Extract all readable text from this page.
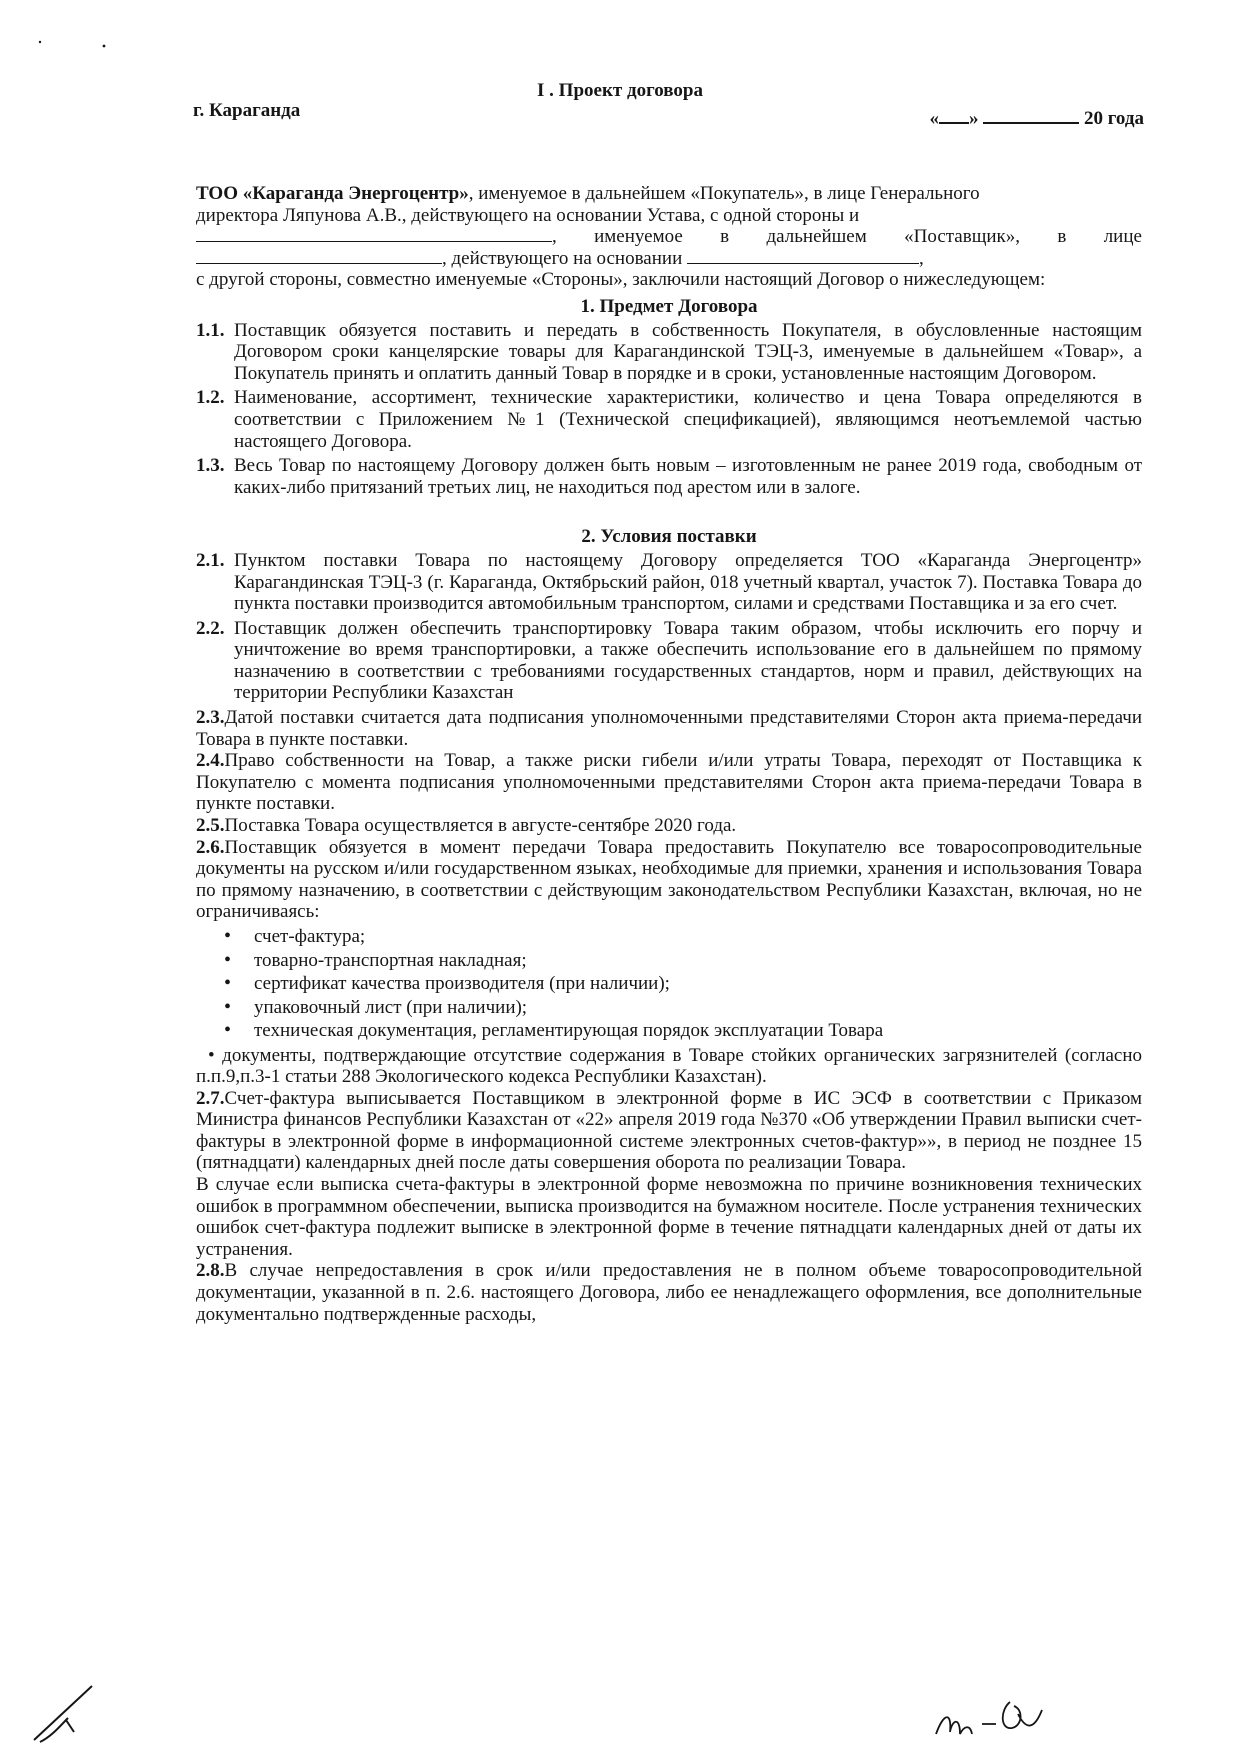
I . Проект договора
г. Караганда	« »	20 года

ТОО «Караганда Энергоцентр», именуемое в дальнейшем «Покупатель», в лице Генерального

директора Ляпунова А.В., действующего на основании Устава, с одной стороны и

, именуемое в дальнейшем «Поставщик», в лице

, действующего на основании	,

с другой стороны, совместно именуемые «Стороны», заключили настоящий Договор о нижеследующем:

1. Предмет Договора
1.1. Поставщик обязуется поставить и передать в собственность Покупателя, в обусловленные настоящим Договором сроки канцелярские товары для Карагандинской ТЭЦ-3, именуемые в дальнейшем «Товар», а Покупатель принять и оплатить данный Товар в порядке и в сроки, установленные настоящим Договором.
1.2. Наименование, ассортимент, технические характеристики, количество и цена Товара определяются в соответствии с Приложением №1 (Технической спецификацией), являющимся неотъемлемой частью настоящего Договора.
1.3. Весь Товар по настоящему Договору должен быть новым – изготовленным не ранее 2019 года, свободным от каких-либо притязаний третьих лиц, не находиться под арестом или в залоге.
2. Условия поставки
2.1. Пунктом поставки Товара по настоящему Договору определяется ТОО «Караганда Энергоцентр» Карагандинская ТЭЦ-3 (г. Караганда, Октябрьский район, 018 учетный квартал, участок 7). Поставка Товара до пункта поставки производится автомобильным транспортом, силами и средствами Поставщика и за его счет.
2.2. Поставщик должен обеспечить транспортировку Товара таким образом, чтобы исключить его порчу и уничтожение во время транспортировки, а также обеспечить использование его в дальнейшем по прямому назначению в соответствии с требованиями государственных стандартов, норм и правил, действующих на территории Республики Казахстан

2.3.Датой поставки считается дата подписания уполномоченными представителями Сторон акта приема-передачи Товара в пункте поставки.

2.4.Право собственности на Товар, а также риски гибели и/или утраты Товара, переходят от Поставщика к Покупателю с момента подписания уполномоченными представителями Сторон акта приема-передачи Товара в пункте поставки.

2.5.Поставка Товара осуществляется в августе-сентябре 2020 года.

2.6.Поставщик обязуется в момент передачи Товара предоставить Покупателю все товаросопроводительные документы на русском и/или государственном языках, необходимые для приемки, хранения и использования Товара по прямому назначению, в соответствии с действующим законодательством Республики Казахстан, включая, но не ограничиваясь:

• счет-фактура;
• товарно-транспортная накладная;
• сертификат качества производителя (при наличии);
• упаковочный лист (при наличии);
• техническая документация, регламентирующая порядок эксплуатации Товара

• документы, подтверждающие отсутствие содержания в Товаре стойких органических загрязнителей (согласно п.п.9,п.3-1 статьи 288 Экологического кодекса Республики Казахстан).

2.7.Счет-фактура выписывается Поставщиком в электронной форме в ИС ЭСФ в соответствии с Приказом Министра финансов Республики Казахстан от «22» апреля 2019 года №370 «Об утверждении Правил выписки счет-фактуры в электронной форме в информационной системе электронных счетов-фактур»», в период не позднее 15 (пятнадцати) календарных дней после даты совершения оборота по реализации Товара.

В случае если выписка счета-фактуры в электронной форме невозможна по причине возникновения технических ошибок в программном обеспечении, выписка производится на бумажном носителе. После устранения технических ошибок счет-фактура подлежит выписке в электронной форме в течение пятнадцати календарных дней от даты их устранения.

2.8.В случае непредоставления в срок и/или предоставления не в полном объеме товаросопроводительной документации, указанной в п. 2.6. настоящего Договора, либо ее ненадлежащего оформления, все дополнительные документально подтвержденные расходы,
